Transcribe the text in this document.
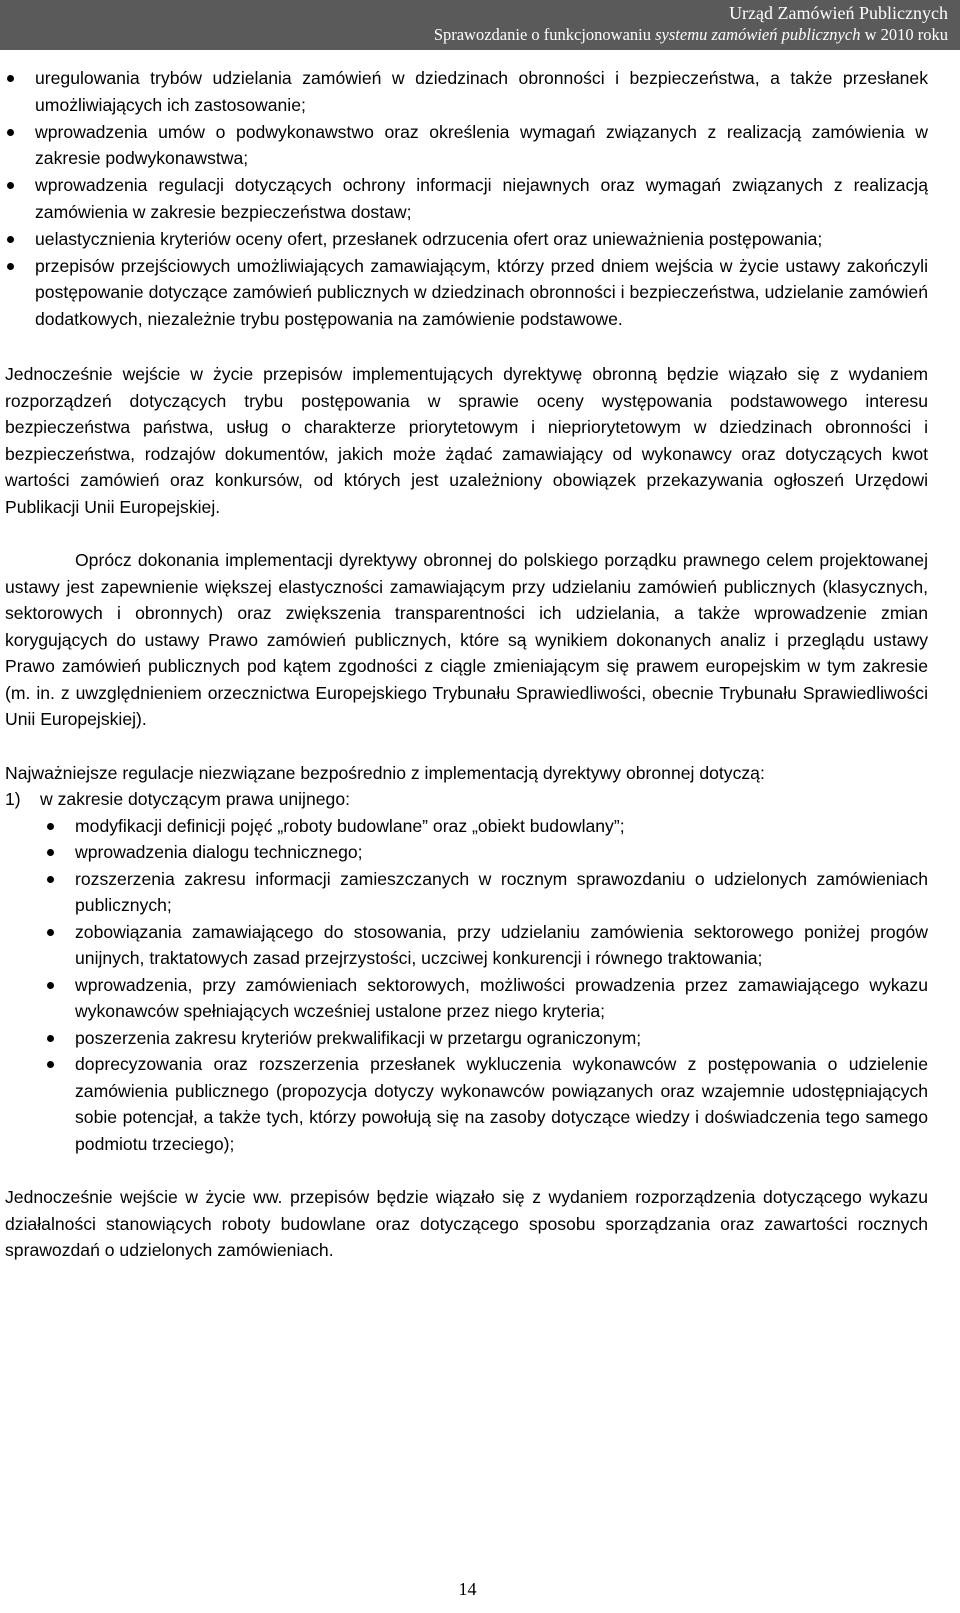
Urząd Zamówień Publicznych
Sprawozdanie o funkcjonowaniu systemu zamówień publicznych w 2010 roku
uregulowania trybów udzielania zamówień w dziedzinach obronności i bezpieczeństwa, a także przesłanek umożliwiających ich zastosowanie;
wprowadzenia umów o podwykonawstwo oraz określenia wymagań związanych z realizacją zamówienia w zakresie podwykonawstwa;
wprowadzenia regulacji dotyczących ochrony informacji niejawnych oraz wymagań związanych z realizacją zamówienia w zakresie bezpieczeństwa dostaw;
uelastycznienia kryteriów oceny ofert, przesłanek odrzucenia ofert oraz unieważnienia postępowania;
przepisów przejściowych umożliwiających zamawiającym, którzy przed dniem wejścia w życie ustawy zakończyli postępowanie dotyczące zamówień publicznych w dziedzinach obronności i bezpieczeństwa, udzielanie zamówień dodatkowych, niezależnie trybu postępowania na zamówienie podstawowe.

Jednocześnie wejście w życie przepisów implementujących dyrektywę obronną będzie wiązało się z wydaniem rozporządzeń dotyczących trybu postępowania w sprawie oceny występowania podstawowego interesu bezpieczeństwa państwa, usług o charakterze priorytetowym i niepriorytetowym w dziedzinach obronności i bezpieczeństwa, rodzajów dokumentów, jakich może żądać zamawiający od wykonawcy oraz dotyczących kwot wartości zamówień oraz konkursów, od których jest uzależniony obowiązek przekazywania ogłoszeń Urzędowi Publikacji Unii Europejskiej.

Oprócz dokonania implementacji dyrektywy obronnej do polskiego porządku prawnego celem projektowanej ustawy jest zapewnienie większej elastyczności zamawiającym przy udzielaniu zamówień publicznych (klasycznych, sektorowych i obronnych) oraz zwiększenia transparentności ich udzielania, a także wprowadzenie zmian korygujących do ustawy Prawo zamówień publicznych, które są wynikiem dokonanych analiz i przeglądu ustawy Prawo zamówień publicznych pod kątem zgodności z ciągle zmieniającym się prawem europejskim w tym zakresie (m. in. z uwzględnieniem orzecznictwa Europejskiego Trybunału Sprawiedliwości, obecnie Trybunału Sprawiedliwości Unii Europejskiej).

Najważniejsze regulacje niezwiązane bezpośrednio z implementacją dyrektywy obronnej dotyczą:

1)	w zakresie dotyczącym prawa unijnego:
modyfikacji definicji pojęć „roboty budowlane” oraz „obiekt budowlany”;
wprowadzenia dialogu technicznego;
rozszerzenia zakresu informacji zamieszczanych w rocznym sprawozdaniu o udzielonych zamówieniach publicznych;
zobowiązania zamawiającego do stosowania, przy udzielaniu zamówienia sektorowego poniżej progów unijnych, traktatowych zasad przejrzystości, uczciwej konkurencji i równego traktowania;
wprowadzenia, przy zamówieniach sektorowych, możliwości prowadzenia przez zamawiającego wykazu wykonawców spełniających wcześniej ustalone przez niego kryteria;
poszerzenia zakresu kryteriów prekwalifikacji w przetargu ograniczonym;
doprecyzowania oraz rozszerzenia przesłanek wykluczenia wykonawców z postępowania o udzielenie zamówienia publicznego (propozycja dotyczy wykonawców powiązanych oraz wzajemnie udostępniających sobie potencjał, a także tych, którzy powołują się na zasoby dotyczące wiedzy i doświadczenia tego samego podmiotu trzeciego);

Jednocześnie wejście w życie ww. przepisów będzie wiązało się z wydaniem rozporządzenia dotyczącego wykazu działalności stanowiących roboty budowlane oraz dotyczącego sposobu sporządzania oraz zawartości rocznych sprawozdań o udzielonych zamówieniach.

14
